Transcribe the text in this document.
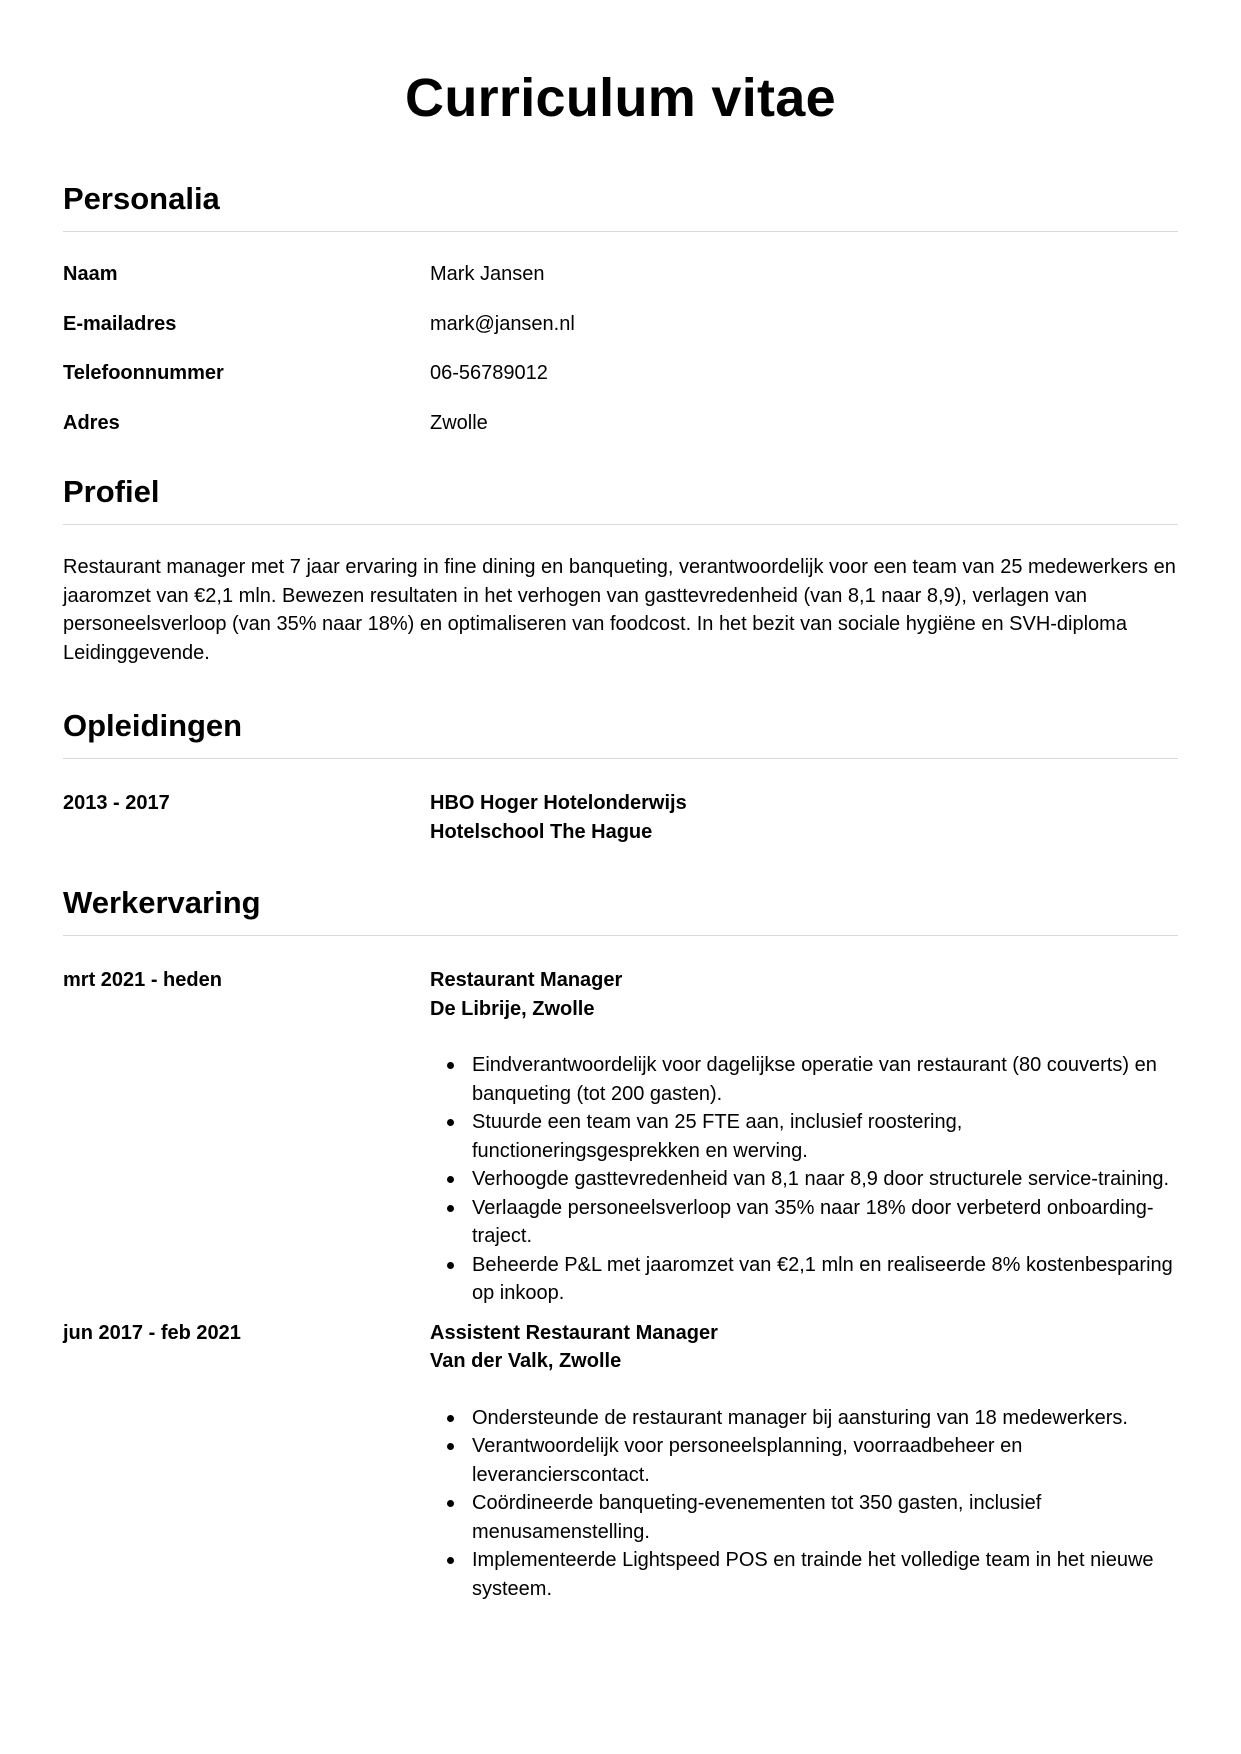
Curriculum vitae
Personalia
Naam	Mark Jansen
E-mailadres	mark@jansen.nl
Telefoonnummer	06-56789012
Adres	Zwolle
Profiel

Restaurant manager met 7 jaar ervaring in fine dining en banqueting, verantwoordelijk voor een team van 25 medewerkers en jaaromzet van €2,1 mln. Bewezen resultaten in het verhogen van gasttevredenheid (van 8,1 naar 8,9), verlagen van personeelsverloop (van 35% naar 18%) en optimaliseren van foodcost. In het bezit van sociale hygiëne en SVH-diploma Leidinggevende.

Opleidingen
2013 - 2017	HBO Hoger Hotelonderwijs
Hotelschool The Hague
Werkervaring
mrt 2021 - heden	Restaurant Manager
De Librije, Zwolle
Eindverantwoordelijk voor dagelijkse operatie van restaurant (80 couverts) en banqueting (tot 200 gasten).
Stuurde een team van 25 FTE aan, inclusief roostering, functioneringsgesprekken en werving.
Verhoogde gasttevredenheid van 8,1 naar 8,9 door structurele service-training.
Verlaagde personeelsverloop van 35% naar 18% door verbeterd onboarding-traject.
Beheerde P&L met jaaromzet van €2,1 mln en realiseerde 8% kostenbesparing op inkoop.
jun 2017 - feb 2021	Assistent Restaurant Manager
Van der Valk, Zwolle
Ondersteunde de restaurant manager bij aansturing van 18 medewerkers.
Verantwoordelijk voor personeelsplanning, voorraadbeheer en leverancierscontact.
Coördineerde banqueting-evenementen tot 350 gasten, inclusief menusamenstelling.
Implementeerde Lightspeed POS en trainde het volledige team in het nieuwe systeem.
